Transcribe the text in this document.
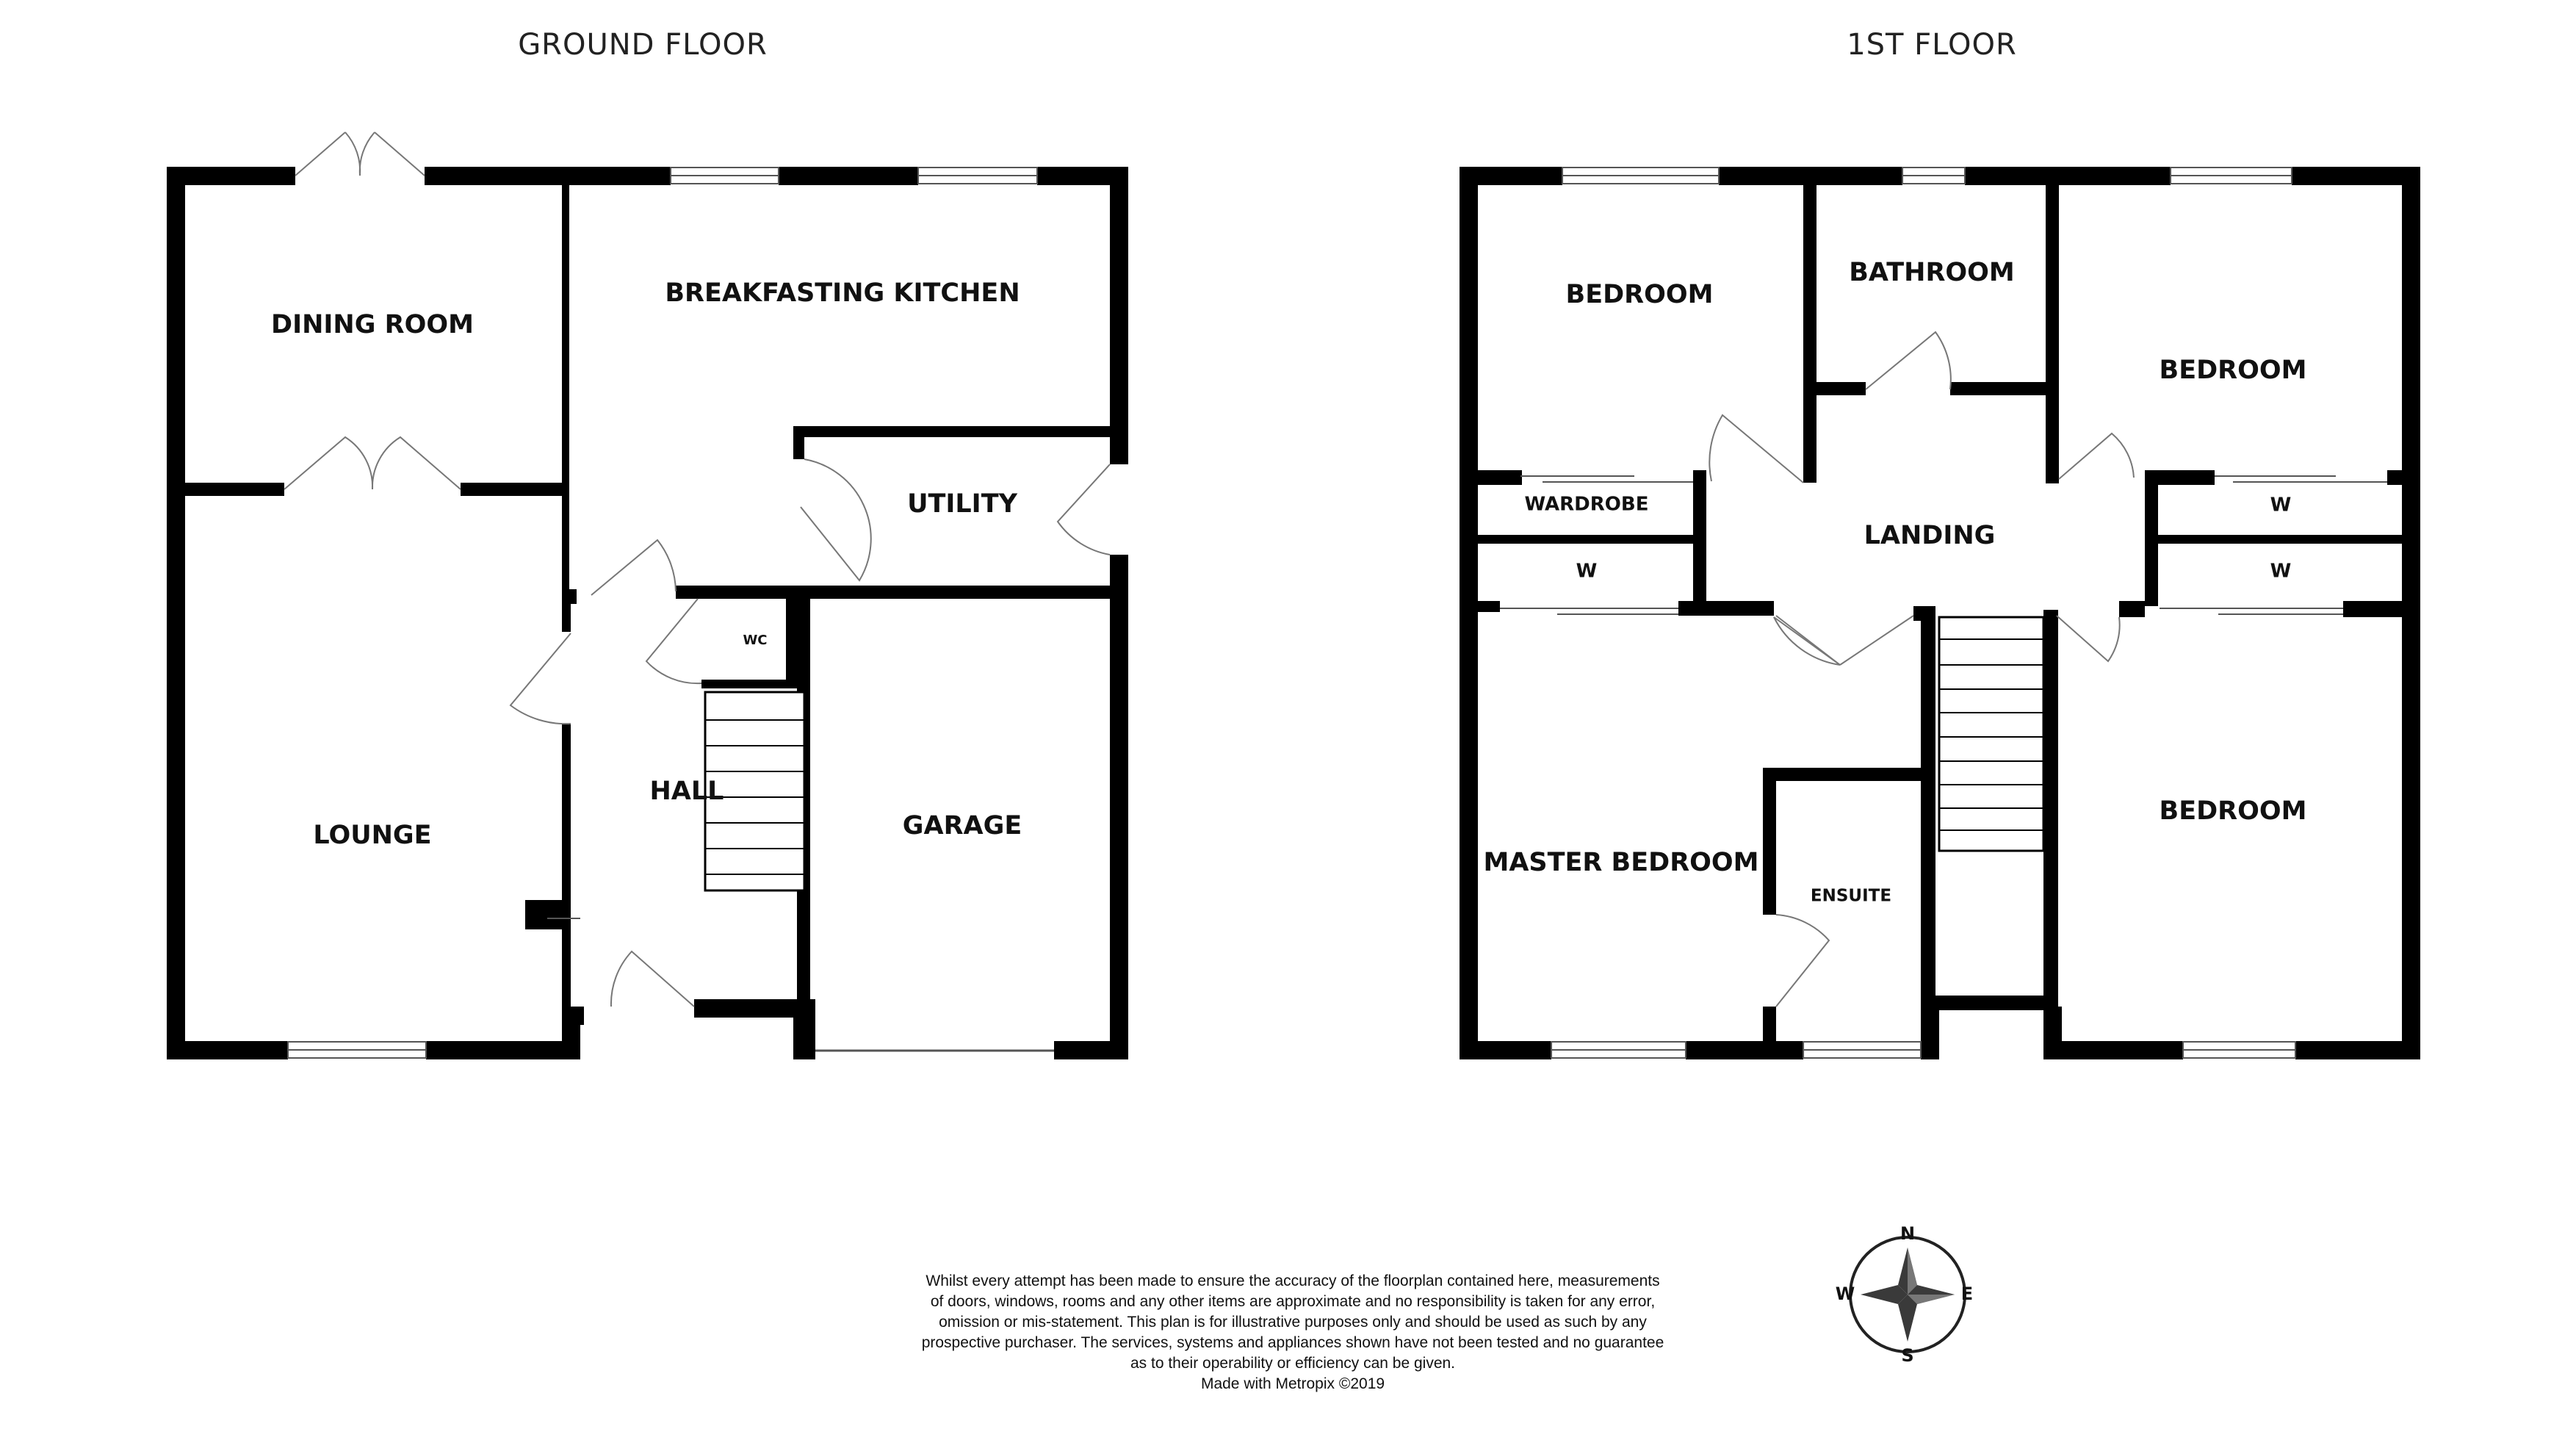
GROUND FLOOR	1ST FLOOR
DINING ROOM
BREAKFASTING KITCHEN
UTILITY
WC
LOUNGE
HALL
GARAGE
BEDROOM
BATHROOM
BEDROOM
WARDROBE
W
LANDING
W
W
MASTER BEDROOM
ENSUITE
BEDROOM
N
S
E
W
Whilst every attempt has been made to ensure the accuracy of the floorplan contained here, measurements
of doors, windows, rooms and any other items are approximate and no responsibility is taken for any error,
omission or mis-statement. This plan is for illustrative purposes only and should be used as such by any
prospective purchaser. The services, systems and appliances shown have not been tested and no guarantee
as to their operability or efficiency can be given.
Made with Metropix ©2019
